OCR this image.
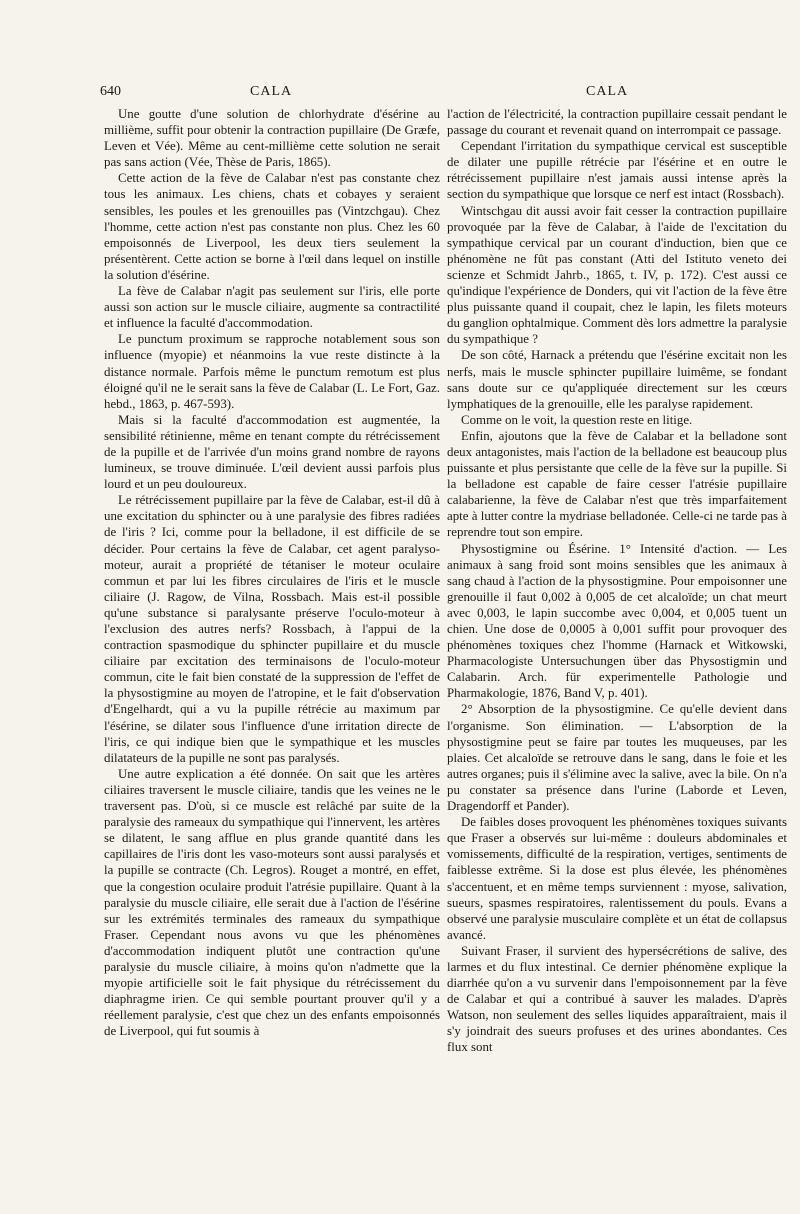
640	CALA	CALA

Une goutte d'une solution de chlorhydrate d'ésérine au millième, suffit pour obtenir la contraction pupillaire (De Græfe, Leven et Vée). Même au cent-millième cette solution ne serait pas sans action (Vée, Thèse de Paris, 1865).

Cette action de la fève de Calabar n'est pas constante chez tous les animaux. Les chiens, chats et cobayes y seraient sensibles, les poules et les grenouilles pas (Vintzchgau). Chez l'homme, cette action n'est pas constante non plus. Chez les 60 empoisonnés de Liverpool, les deux tiers seulement la présentèrent. Cette action se borne à l'œil dans lequel on instille la solution d'ésérine.

La fève de Calabar n'agit pas seulement sur l'iris, elle porte aussi son action sur le muscle ciliaire, augmente sa contractilité et influence la faculté d'accommodation.

Le punctum proximum se rapproche notablement sous son influence (myopie) et néanmoins la vue reste distincte à la distance normale. Parfois même le punctum remotum est plus éloigné qu'il ne le serait sans la fève de Calabar (L. Le Fort, Gaz. hebd., 1863, p. 467-593).

Mais si la faculté d'accommodation est augmentée, la sensibilité rétinienne, même en tenant compte du rétrécissement de la pupille et de l'arrivée d'un moins grand nombre de rayons lumineux, se trouve diminuée. L'œil devient aussi parfois plus lourd et un peu douloureux.

Le rétrécissement pupillaire par la fève de Calabar, est-il dû à une excitation du sphincter ou à une paralysie des fibres radiées de l'iris ? Ici, comme pour la belladone, il est difficile de se décider. Pour certains la fève de Calabar, cet agent paralyso-moteur, aurait a propriété de tétaniser le moteur oculaire commun et par lui les fibres circulaires de l'iris et le muscle ciliaire (J. Ragow, de Vilna, Rossbach. Mais est-il possible qu'une substance si paralysante préserve l'oculo-moteur à l'exclusion des autres nerfs? Rossbach, à l'appui de la contraction spasmodique du sphincter pupillaire et du muscle ciliaire par excitation des terminaisons de l'oculo-moteur commun, cite le fait bien constaté de la suppression de l'effet de la physostigmine au moyen de l'atropine, et le fait d'observation d'Engelhardt, qui a vu la pupille rétrécie au maximum par l'ésérine, se dilater sous l'influence d'une irritation directe de l'iris, ce qui indique bien que le sympathique et les muscles dilatateurs de la pupille ne sont pas paralysés.

Une autre explication a été donnée. On sait que les artères ciliaires traversent le muscle ciliaire, tandis que les veines ne le traversent pas. D'où, si ce muscle est relâché par suite de la paralysie des rameaux du sympathique qui l'innervent, les artères se dilatent, le sang afflue en plus grande quantité dans les capillaires de l'iris dont les vaso-moteurs sont aussi paralysés et la pupille se contracte (Ch. Legros). Rouget a montré, en effet, que la congestion oculaire produit l'atrésie pupillaire. Quant à la paralysie du muscle ciliaire, elle serait due à l'action de l'ésérine sur les extrémités terminales des rameaux du sympathique Fraser. Cependant nous avons vu que les phénomènes d'accommodation indiquent plutôt une contraction qu'une paralysie du muscle ciliaire, à moins qu'on n'admette que la myopie artificielle soit le fait physique du rétrécissement du diaphragme irien. Ce qui semble pourtant prouver qu'il y a réellement paralysie, c'est que chez un des enfants empoisonnés de Liverpool, qui fut soumis à

l'action de l'électricité, la contraction pupillaire cessait pendant le passage du courant et revenait quand on interrompait ce passage.

Cependant l'irritation du sympathique cervical est susceptible de dilater une pupille rétrécie par l'ésérine et en outre le rétrécissement pupillaire n'est jamais aussi intense après la section du sympathique que lorsque ce nerf est intact (Rossbach).

Wintschgau dit aussi avoir fait cesser la contraction pupillaire provoquée par la fève de Calabar, à l'aide de l'excitation du sympathique cervical par un courant d'induction, bien que ce phénomène ne fût pas constant (Atti del Istituto veneto dei scienze et Schmidt Jahrb., 1865, t. IV, p. 172). C'est aussi ce qu'indique l'expérience de Donders, qui vit l'action de la fève être plus puissante quand il coupait, chez le lapin, les filets moteurs du ganglion ophtalmique. Comment dès lors admettre la paralysie du sympathique ?

De son côté, Harnack a prétendu que l'ésérine excitait non les nerfs, mais le muscle sphincter pupillaire luimême, se fondant sans doute sur ce qu'appliquée directement sur les cœurs lymphatiques de la grenouille, elle les paralyse rapidement.

Comme on le voit, la question reste en litige.

Enfin, ajoutons que la fève de Calabar et la belladone sont deux antagonistes, mais l'action de la belladone est beaucoup plus puissante et plus persistante que celle de la fève sur la pupille. Si la belladone est capable de faire cesser l'atrésie pupillaire calabarienne, la fève de Calabar n'est que très imparfaitement apte à lutter contre la mydriase belladonée. Celle-ci ne tarde pas à reprendre tout son empire.

Physostigmine ou Ésérine. 1° Intensité d'action. — Les animaux à sang froid sont moins sensibles que les animaux à sang chaud à l'action de la physostigmine. Pour empoisonner une grenouille il faut 0,002 à 0,005 de cet alcaloïde; un chat meurt avec 0,003, le lapin succombe avec 0,004, et 0,005 tuent un chien. Une dose de 0,0005 à 0,001 suffit pour provoquer des phénomènes toxiques chez l'homme (Harnack et Witkowski, Pharmacologiste Untersuchungen über das Physostigmin und Calabarin. Arch. für experimentelle Pathologie und Pharmakologie, 1876, Band V, p. 401).

2° Absorption de la physostigmine. Ce qu'elle devient dans l'organisme. Son élimination. — L'absorption de la physostigmine peut se faire par toutes les muqueuses, par les plaies. Cet alcaloïde se retrouve dans le sang, dans le foie et les autres organes; puis il s'élimine avec la salive, avec la bile. On n'a pu constater sa présence dans l'urine (Laborde et Leven, Dragendorff et Pander).

De faibles doses provoquent les phénomènes toxiques suivants que Fraser a observés sur lui-même : douleurs abdominales et vomissements, difficulté de la respiration, vertiges, sentiments de faiblesse extrême. Si la dose est plus élevée, les phénomènes s'accentuent, et en même temps surviennent : myose, salivation, sueurs, spasmes respiratoires, ralentissement du pouls. Evans a observé une paralysie musculaire complète et un état de collapsus avancé.

Suivant Fraser, il survient des hypersécrétions de salive, des larmes et du flux intestinal. Ce dernier phénomène explique la diarrhée qu'on a vu survenir dans l'empoisonnement par la fève de Calabar et qui a contribué à sauver les malades. D'après Watson, non seulement des selles liquides apparaîtraient, mais il s'y joindrait des sueurs profuses et des urines abondantes. Ces flux sont
